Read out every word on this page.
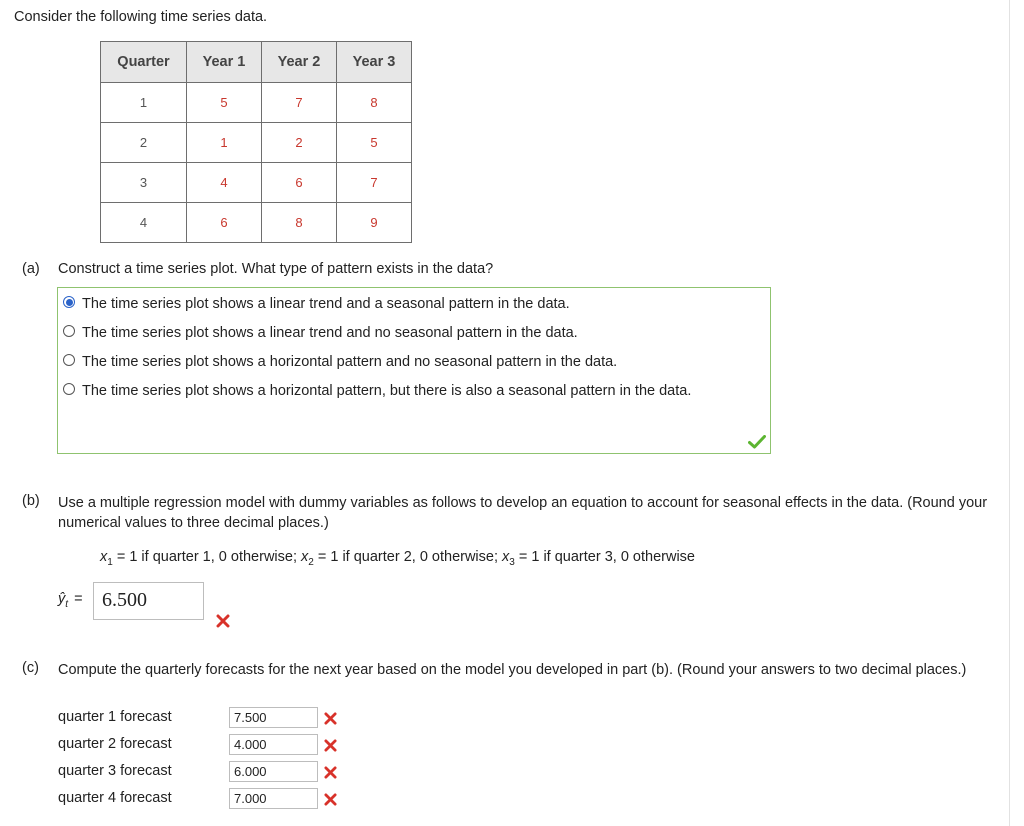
Consider the following time series data.
Quarter	Year 1	Year 2	Year 3
1	5	7	8
2	1	2	5
3	4	6	7
4	6	8	9
(a) Construct a time series plot. What type of pattern exists in the data?
The time series plot shows a linear trend and a seasonal pattern in the data.
The time series plot shows a linear trend and no seasonal pattern in the data.
The time series plot shows a horizontal pattern and no seasonal pattern in the data.
The time series plot shows a horizontal pattern, but there is also a seasonal pattern in the data.
(b) Use a multiple regression model with dummy variables as follows to develop an equation to account for seasonal effects in the data. (Round your numerical values to three decimal places.)
$x_1 = 1$ if quarter 1, 0 otherwise; $x_2 = 1$ if quarter 2, 0 otherwise; $x_3 = 1$ if quarter 3, 0 otherwise
$ŷ_t = 6.500$
(c) Compute the quarterly forecasts for the next year based on the model you developed in part (b). (Round your answers to two decimal places.)
quarter 1 forecast	7.500
quarter 2 forecast	4.000
quarter 3 forecast	6.000
quarter 4 forecast	7.000
